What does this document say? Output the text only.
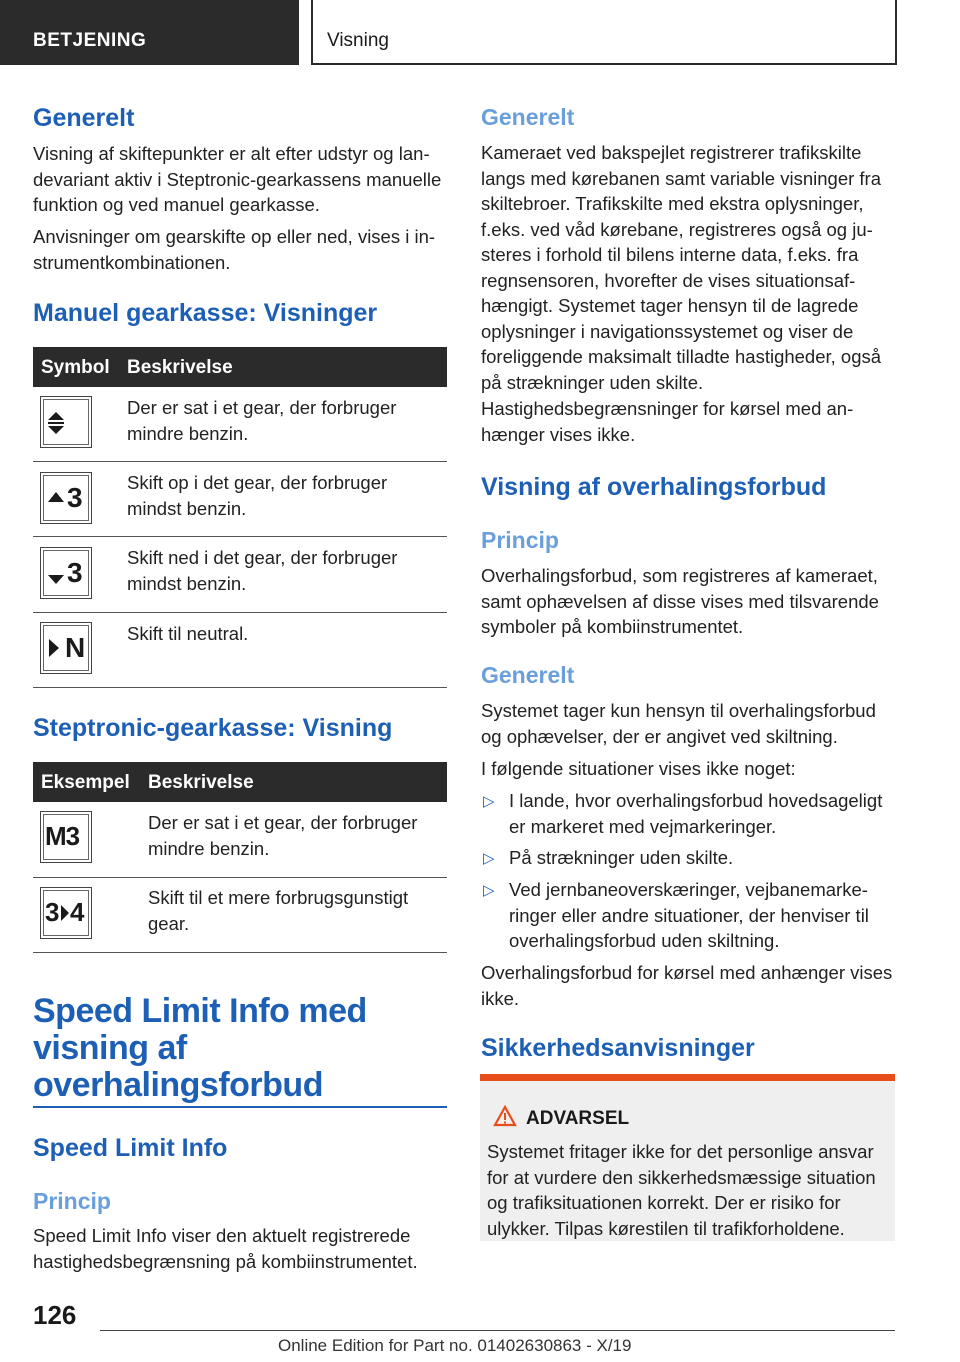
BETJENING	Visning
Generelt
Visning af skiftepunkter er alt efter udstyr og landevariant aktiv i Steptronic-gearkassens manuelle funktion og ved manuel gearkasse.
Anvisninger om gearskifte op eller ned, vises i instrumentkombinationen.
Manuel gearkasse: Visninger
Symbol Beskrivelse
Der er sat i et gear, der forbruger mindre benzin.
3 Skift op i det gear, der forbruger mindst benzin.
3 Skift ned i det gear, der forbruger mindst benzin.
N Skift til neutral.
Steptronic-gearkasse: Visning
Eksempel Beskrivelse
M3	Der er sat i et gear, der forbruger mindre benzin.
3 4	Skift til et mere forbrugsgunstigt gear.
Speed Limit Info med
visning af
overhalingsforbud
Speed Limit Info
Princip
Speed Limit Info viser den aktuelt registrerede hastighedsbegrænsning på kombiinstrumentet.
Generelt
Kameraet ved bakspejlet registrerer trafikskilte langs med kørebanen samt variable visninger fra skiltebroer. Trafikskilte med ekstra oplysninger, f.eks. ved våd kørebane, registreres også og justeres i forhold til bilens interne data, f.eks. fra regnsensoren, hvorefter de vises situationsafhængigt. Systemet tager hensyn til de lagrede oplysninger i navigationssystemet og viser de foreliggende maksimalt tilladte hastigheder, også på strækninger uden skilte.
Hastighedsbegrænsninger for kørsel med anhænger vises ikke.
Visning af overhalingsforbud
Princip
Overhalingsforbud, som registreres af kameraet, samt ophævelsen af disse vises med tilsvarende symboler på kombiinstrumentet.
Generelt
Systemet tager kun hensyn til overhalingsforbud og ophævelser, der er angivet ved skiltning.
I følgende situationer vises ikke noget:
▷ I lande, hvor overhalingsforbud hovedsageligt er markeret med vejmarkeringer.
▷ På strækninger uden skilte.
▷ Ved jernbaneoverskæringer, vejbanemarkeringer eller andre situationer, der henviser til overhalingsforbud uden skiltning.
Overhalingsforbud for kørsel med anhænger vises ikke.
Sikkerhedsanvisninger
ADVARSEL
Systemet fritager ikke for det personlige ansvar for at vurdere den sikkerhedsmæssige situation og trafiksituationen korrekt. Der er risiko for ulykker. Tilpas kørestilen til trafikforholdene.
126
Online Edition for Part no. 01402630863 - X/19
